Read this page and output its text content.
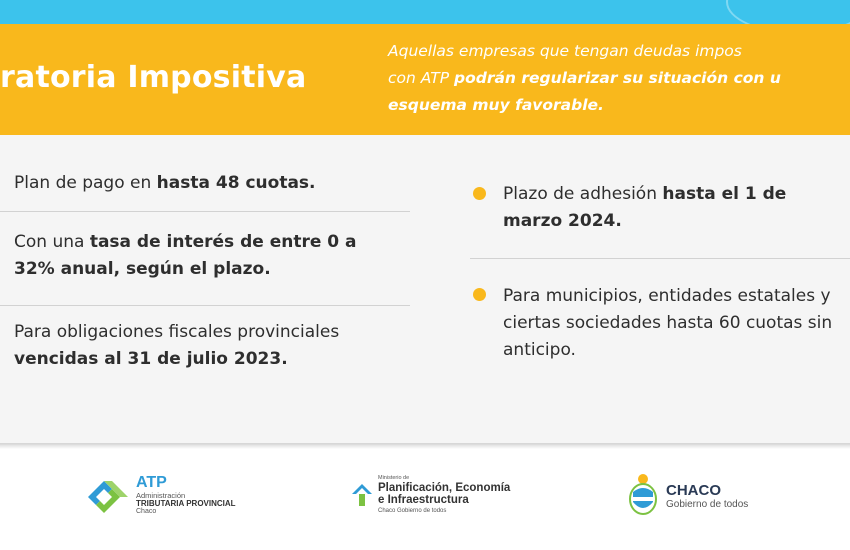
ratoria Impositiva
Aquellas empresas que tengan deudas impos
con ATP podrán regularizar su situación con u
esquema muy favorable.
Plan de pago en hasta 48 cuotas.
Con una tasa de interés de entre 0 a 32% anual, según el plazo.
Para obligaciones fiscales provinciales vencidas al 31 de julio 2023.
Plazo de adhesión hasta el 1 de marzo 2024.
Para municipios, entidades estatales y ciertas sociedades hasta 60 cuotas sin anticipo.
ATP
Administración
TRIBUTARIA PROVINCIAL
Chaco
Ministerio de
Planificación, Economía
e Infraestructura
Chaco Gobierno de todos
CHACO
Gobierno de todos
